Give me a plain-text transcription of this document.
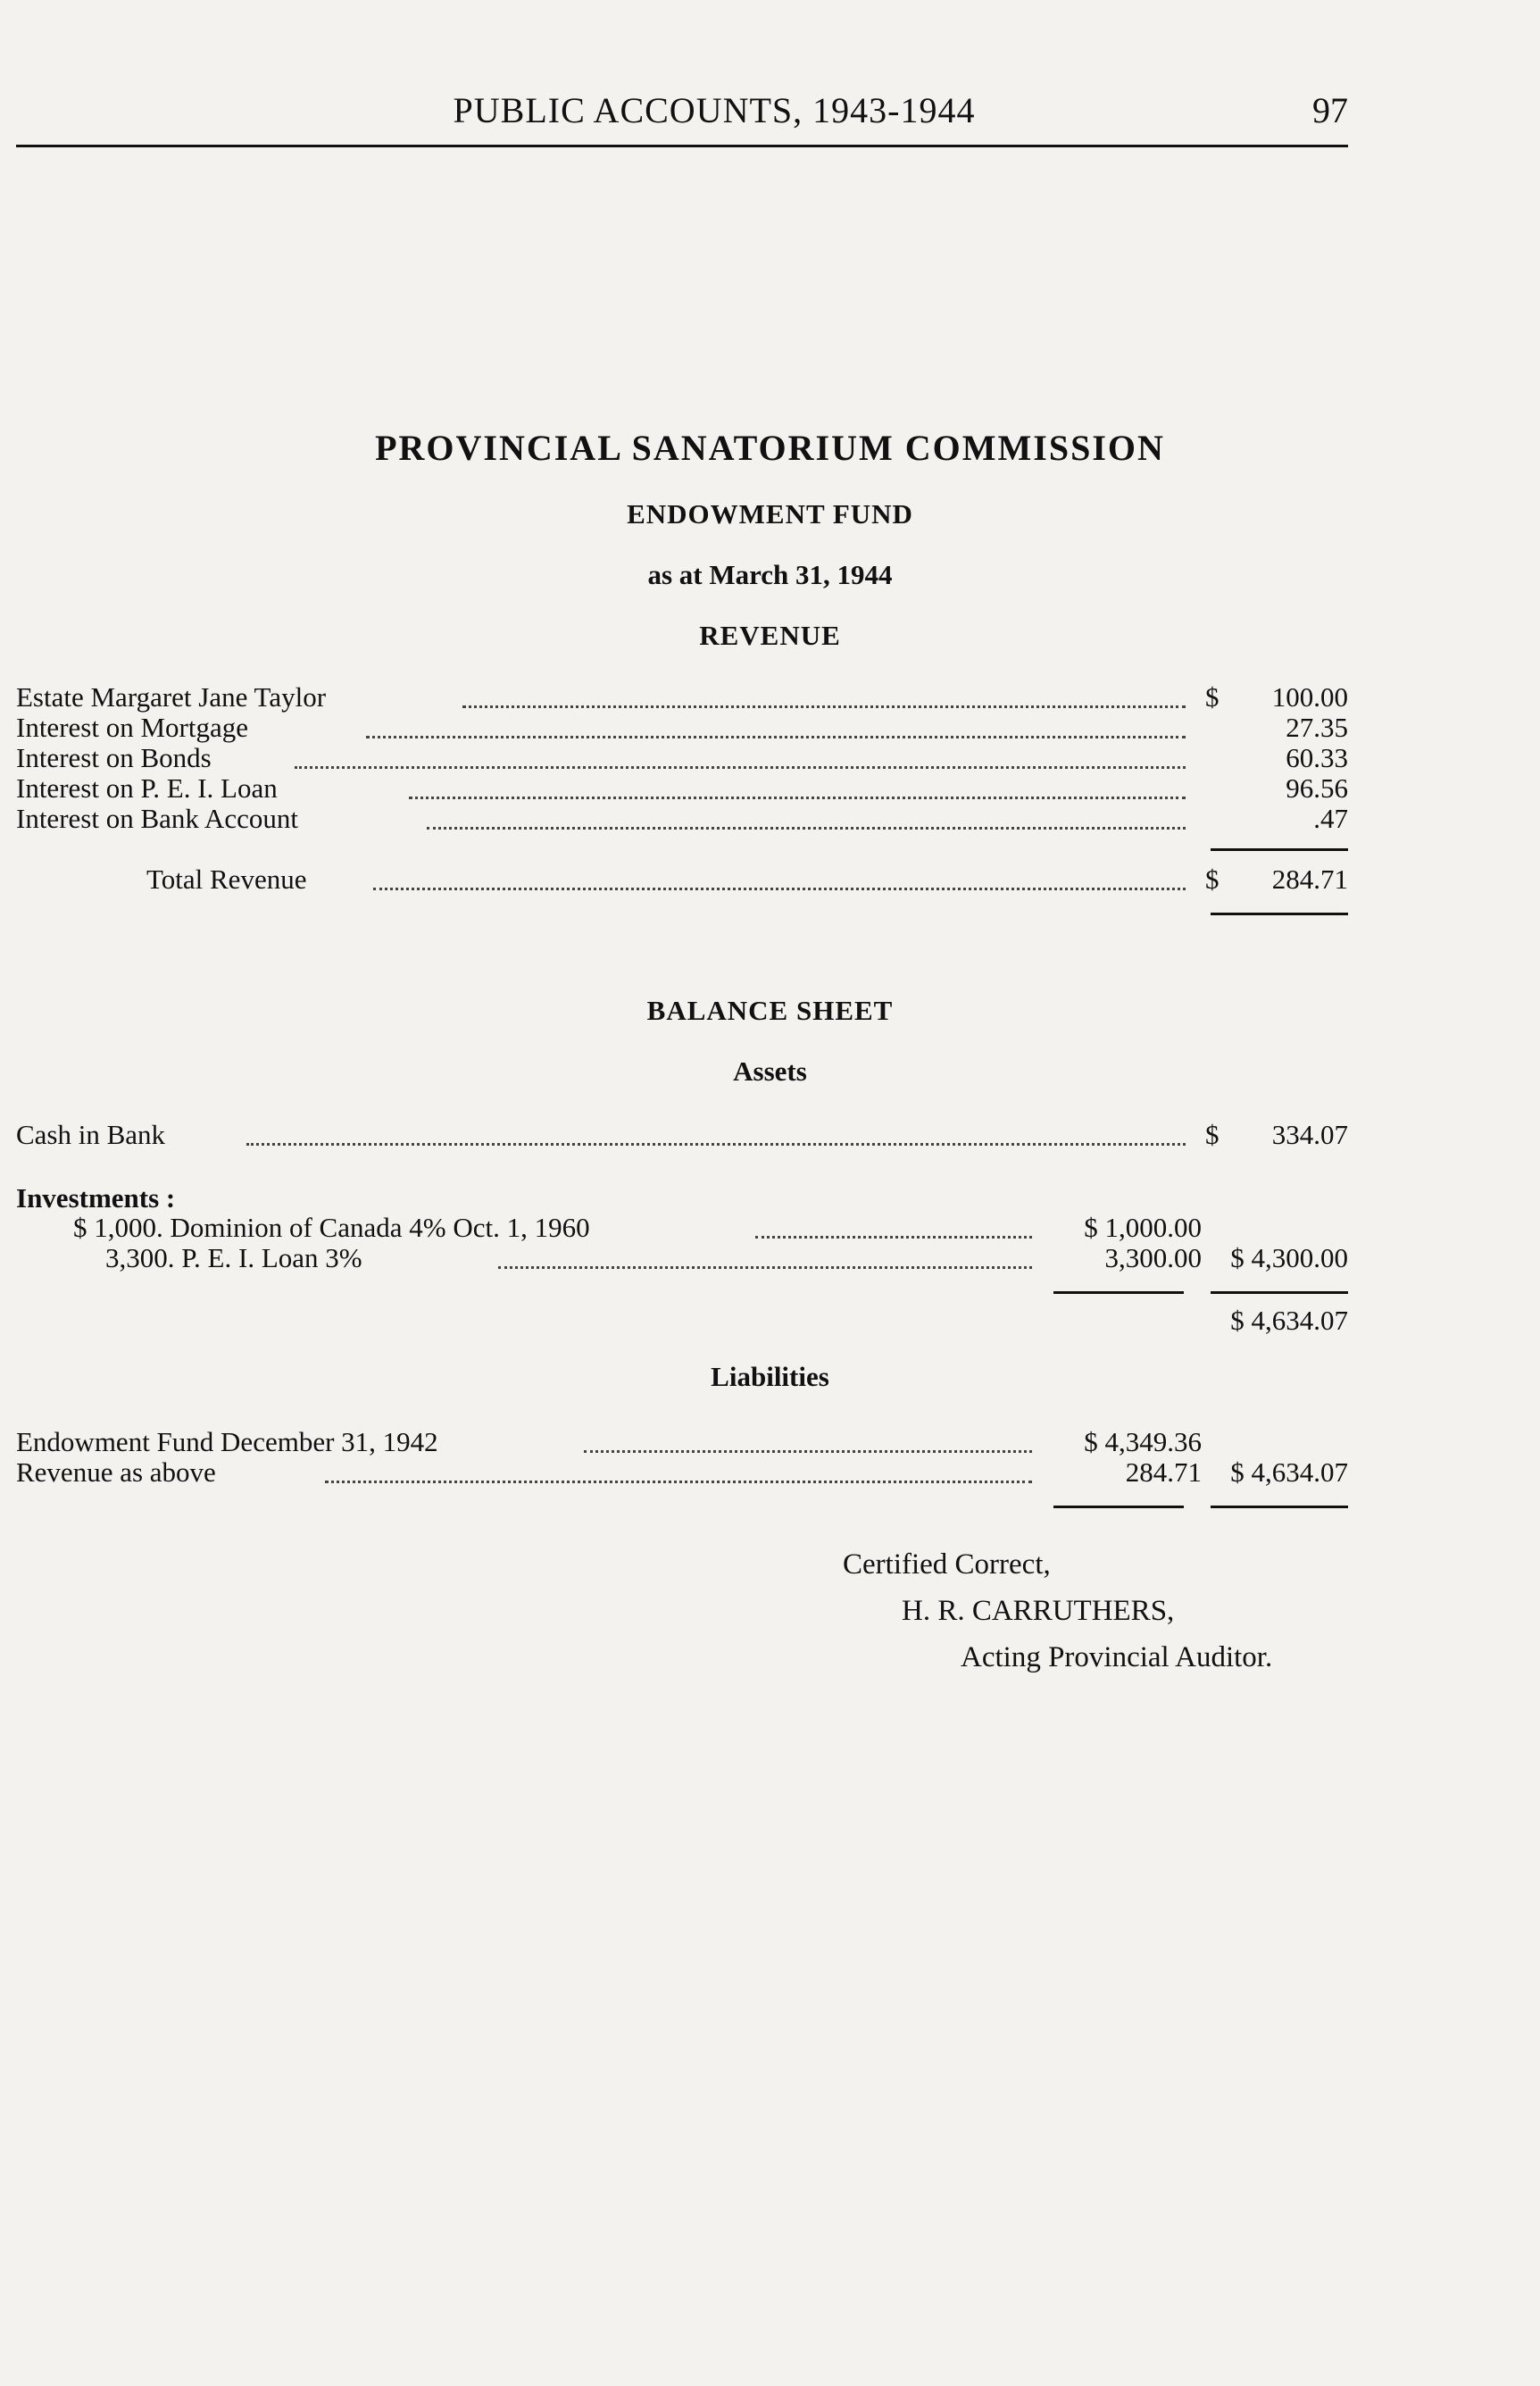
PUBLIC ACCOUNTS, 1943-1944	97
PROVINCIAL SANATORIUM COMMISSION
ENDOWMENT FUND
as at March 31, 1944
REVENUE
Estate Margaret Jane Taylor	$	100.00
Interest on Mortgage	27.35
Interest on Bonds	60.33
Interest on P. E. I. Loan	96.56
Interest on Bank Account	.47
Total Revenue	$	284.71
BALANCE SHEET
Assets
Cash in Bank	$	334.07
Investments :
$ 1,000. Dominion of Canada 4% Oct. 1, 1960	$ 1,000.00
3,300. P. E. I. Loan 3%	3,300.00	$ 4,300.00
$ 4,634.07
Liabilities
Endowment Fund December 31, 1942	$ 4,349.36
Revenue as above	284.71	$ 4,634.07
Certified Correct,
H. R. CARRUTHERS,
Acting Provincial Auditor.
